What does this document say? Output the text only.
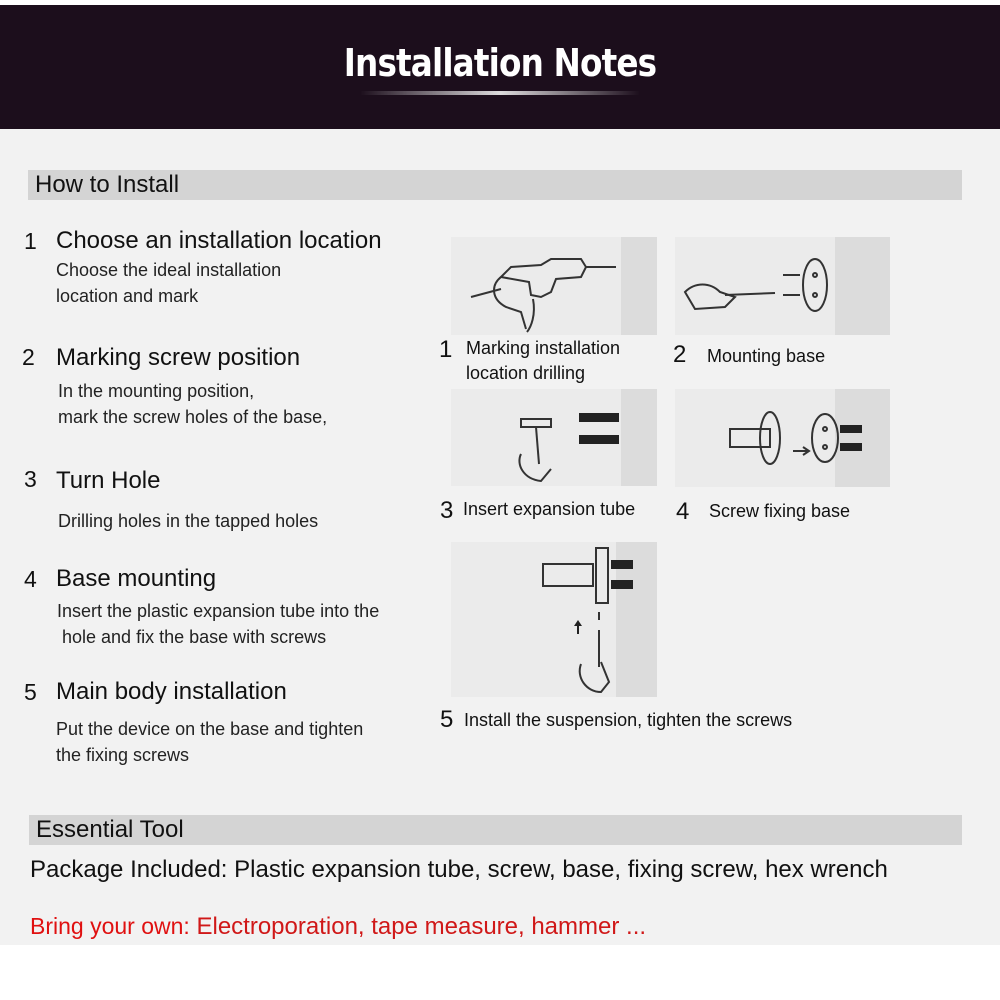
Installation Notes
How to Install
1 Choose an installation location
Choose the ideal installation
location and mark
2 Marking screw position
In the mounting position,
mark the screw holes of the base,
3 Turn Hole
Drilling holes in the tapped holes
4 Base mounting
Insert the plastic expansion tube into the
hole and fix the base with screws
5 Main body installation
Put the device on the base and tighten
the fixing screws
1 Marking installation
location drilling
2 Mounting base
3 Insert expansion tube 4 Screw fixing base
5 Install the suspension, tighten the screws
Essential Tool
Package Included: Plastic expansion tube, screw, base, fixing screw, hex wrench
Bring your own: Electroporation, tape measure, hammer ...
